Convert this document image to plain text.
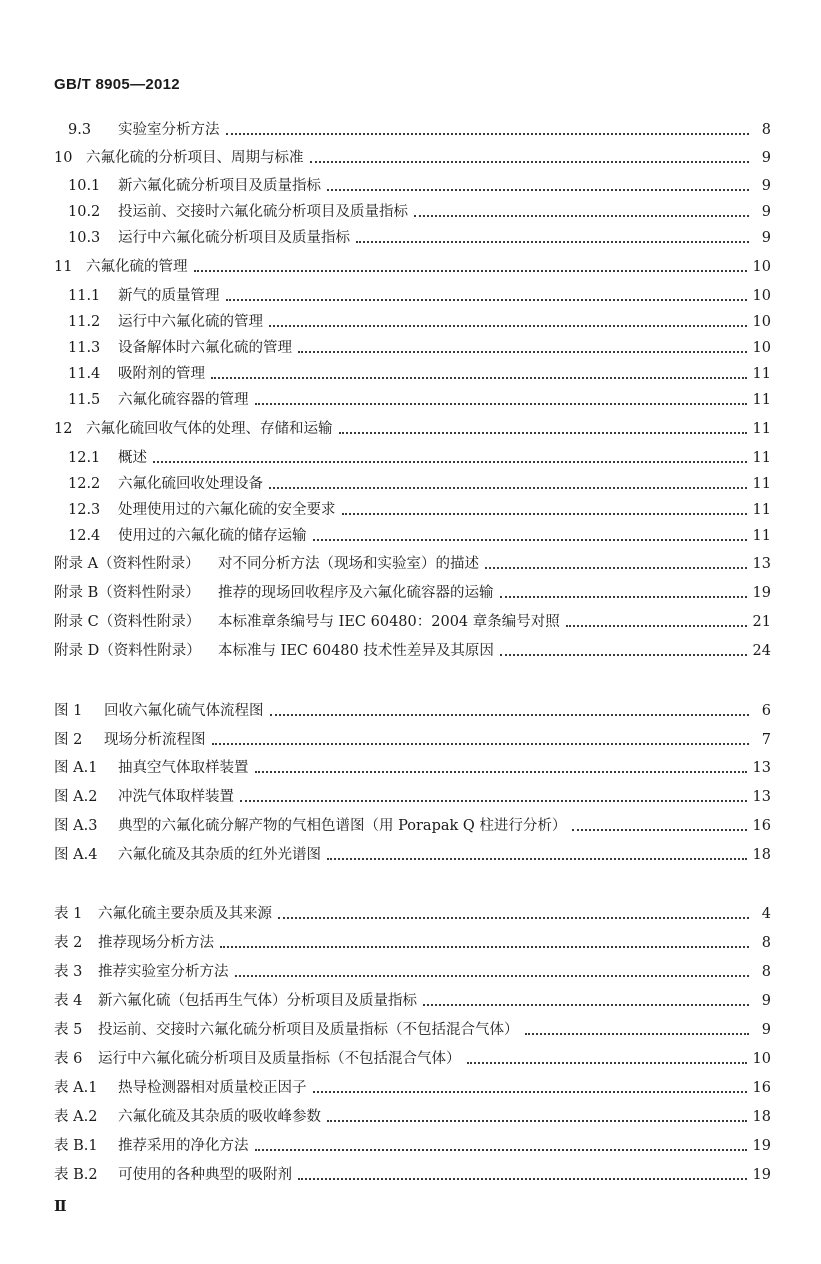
GB/T 8905—2012
9.3	实验室分析方法	8
10 六氟化硫的分析项目、周期与标准	9
10.1	新六氟化硫分析项目及质量指标	9
10.2	投运前、交接时六氟化硫分析项目及质量指标	9
10.3	运行中六氟化硫分析项目及质量指标	9
11 六氟化硫的管理	10
11.1	新气的质量管理	10
11.2	运行中六氟化硫的管理	10
11.3	设备解体时六氟化硫的管理	10
11.4	吸附剂的管理	11
11.5	六氟化硫容器的管理	11
12 六氟化硫回收气体的处理、存储和运输	11
12.1	概述	11
12.2	六氟化硫回收处理设备	11
12.3	处理使用过的六氟化硫的安全要求	11
12.4	使用过的六氟化硫的储存运输	11
附录 A（资料性附录）	对不同分析方法（现场和实验室）的描述	13
附录 B（资料性附录）	推荐的现场回收程序及六氟化硫容器的运输	19
附录 C（资料性附录）	本标准章条编号与 IEC 60480：2004 章条编号对照	21
附录 D（资料性附录）	本标准与 IEC 60480 技术性差异及其原因	24
图 1	回收六氟化硫气体流程图	6
图 2	现场分析流程图	7
图 A.1	抽真空气体取样装置	13
图 A.2	冲洗气体取样装置	13
图 A.3	典型的六氟化硫分解产物的气相色谱图（用 Porapak Q 柱进行分析）	16
图 A.4	六氟化硫及其杂质的红外光谱图	18
表 1	六氟化硫主要杂质及其来源	4
表 2	推荐现场分析方法	8
表 3	推荐实验室分析方法	8
表 4	新六氟化硫（包括再生气体）分析项目及质量指标	9
表 5	投运前、交接时六氟化硫分析项目及质量指标（不包括混合气体）	9
表 6	运行中六氟化硫分析项目及质量指标（不包括混合气体）	10
表 A.1	热导检测器相对质量校正因子	16
表 A.2	六氟化硫及其杂质的吸收峰参数	18
表 B.1	推荐采用的净化方法	19
表 B.2	可使用的各种典型的吸附剂	19
Ⅱ
